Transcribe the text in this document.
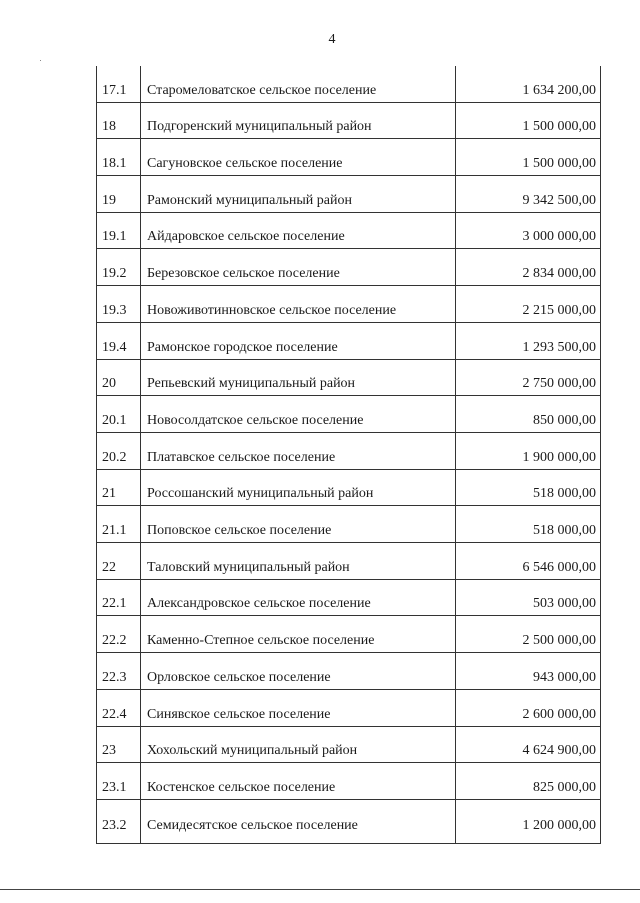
4
17.1 Старомеловатское сельское поселение	1 634 200,00
18 Подгоренский муниципальный район	1 500 000,00
18.1 Сагуновское сельское поселение	1 500 000,00
19 Рамонский муниципальный район	9 342 500,00
19.1 Айдаровское сельское поселение	3 000 000,00
19.2 Березовское сельское поселение	2 834 000,00
19.3 Новоживотинновское сельское поселение	2 215 000,00
19.4 Рамонское городское поселение	1 293 500,00
20 Репьевский муниципальный район	2 750 000,00
20.1 Новосолдатское сельское поселение	850 000,00
20.2 Платавское сельское поселение	1 900 000,00
21 Россошанский муниципальный район	518 000,00
21.1 Поповское сельское поселение	518 000,00
22 Таловский муниципальный район	6 546 000,00
22.1 Александровское сельское поселение	503 000,00
22.2 Каменно-Степное сельское поселение	2 500 000,00
22.3 Орловское сельское поселение	943 000,00
22.4 Синявское сельское поселение	2 600 000,00
23 Хохольский муниципальный район	4 624 900,00
23.1 Костенское сельское поселение	825 000,00
23.2 Семидесятское сельское поселение	1 200 000,00
